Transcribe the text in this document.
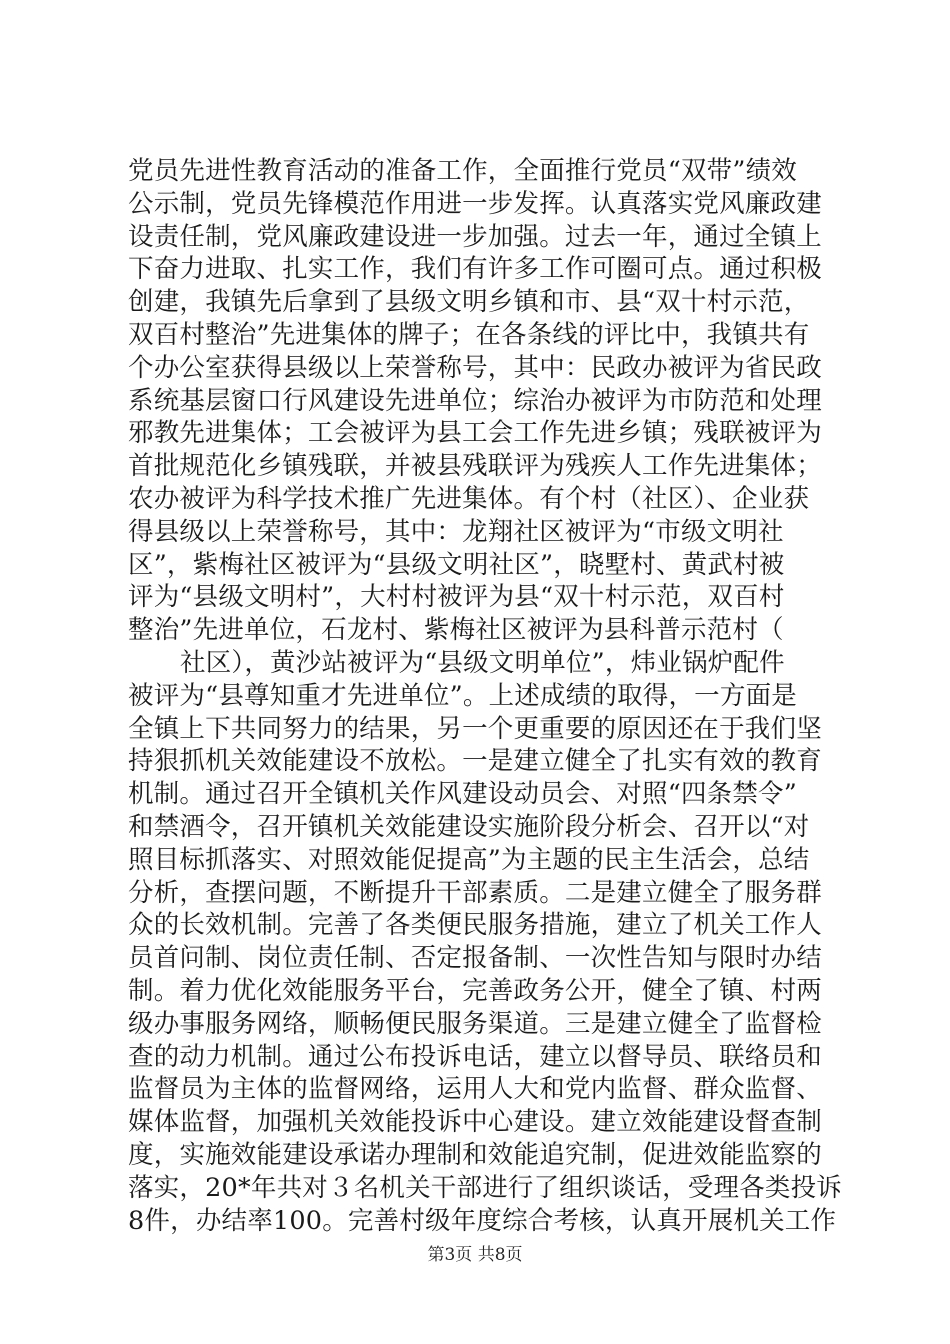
党员先进性教育活动的准备工作，全面推行党员“双带”绩效
公示制，党员先锋模范作用进一步发挥。认真落实党风廉政建
设责任制，党风廉政建设进一步加强。过去一年，通过全镇上
下奋力进取、扎实工作，我们有许多工作可圈可点。通过积极
创建，我镇先后拿到了县级文明乡镇和市、县“双十村示范，
双百村整治”先进集体的牌子；在各条线的评比中，我镇共有
个办公室获得县级以上荣誉称号，其中：民政办被评为省民政
系统基层窗口行风建设先进单位；综治办被评为市防范和处理
邪教先进集体；工会被评为县工会工作先进乡镇；残联被评为
首批规范化乡镇残联，并被县残联评为残疾人工作先进集体；
农办被评为科学技术推广先进集体。有个村（社区）、企业获
得县级以上荣誉称号，其中：龙翔社区被评为“市级文明社
区”，紫梅社区被评为“县级文明社区”，晓墅村、黄武村被
评为“县级文明村”，大村村被评为县“双十村示范，双百村
整治”先进单位，石龙村、紫梅社区被评为县科普示范村（
社区），黄沙站被评为“县级文明单位”，炜业锅炉配件
被评为“县尊知重才先进单位”。上述成绩的取得，一方面是
全镇上下共同努力的结果，另一个更重要的原因还在于我们坚
持狠抓机关效能建设不放松。一是建立健全了扎实有效的教育
机制。通过召开全镇机关作风建设动员会、对照“四条禁令”
和禁酒令，召开镇机关效能建设实施阶段分析会、召开以“对
照目标抓落实、对照效能促提高”为主题的民主生活会，总结
分析，查摆问题，不断提升干部素质。二是建立健全了服务群
众的长效机制。完善了各类便民服务措施，建立了机关工作人
员首问制、岗位责任制、否定报备制、一次性告知与限时办结
制。着力优化效能服务平台，完善政务公开，健全了镇、村两
级办事服务网络，顺畅便民服务渠道。三是建立健全了监督检
查的动力机制。通过公布投诉电话，建立以督导员、联络员和
监督员为主体的监督网络，运用人大和党内监督、群众监督、
媒体监督，加强机关效能投诉中心建设。建立效能建设督查制
度，实施效能建设承诺办理制和效能追究制，促进效能监察的
落实，20*年共对３名机关干部进行了组织谈话，受理各类投诉
8件，办结率100。完善村级年度综合考核，认真开展机关工作
第3页 共8页
